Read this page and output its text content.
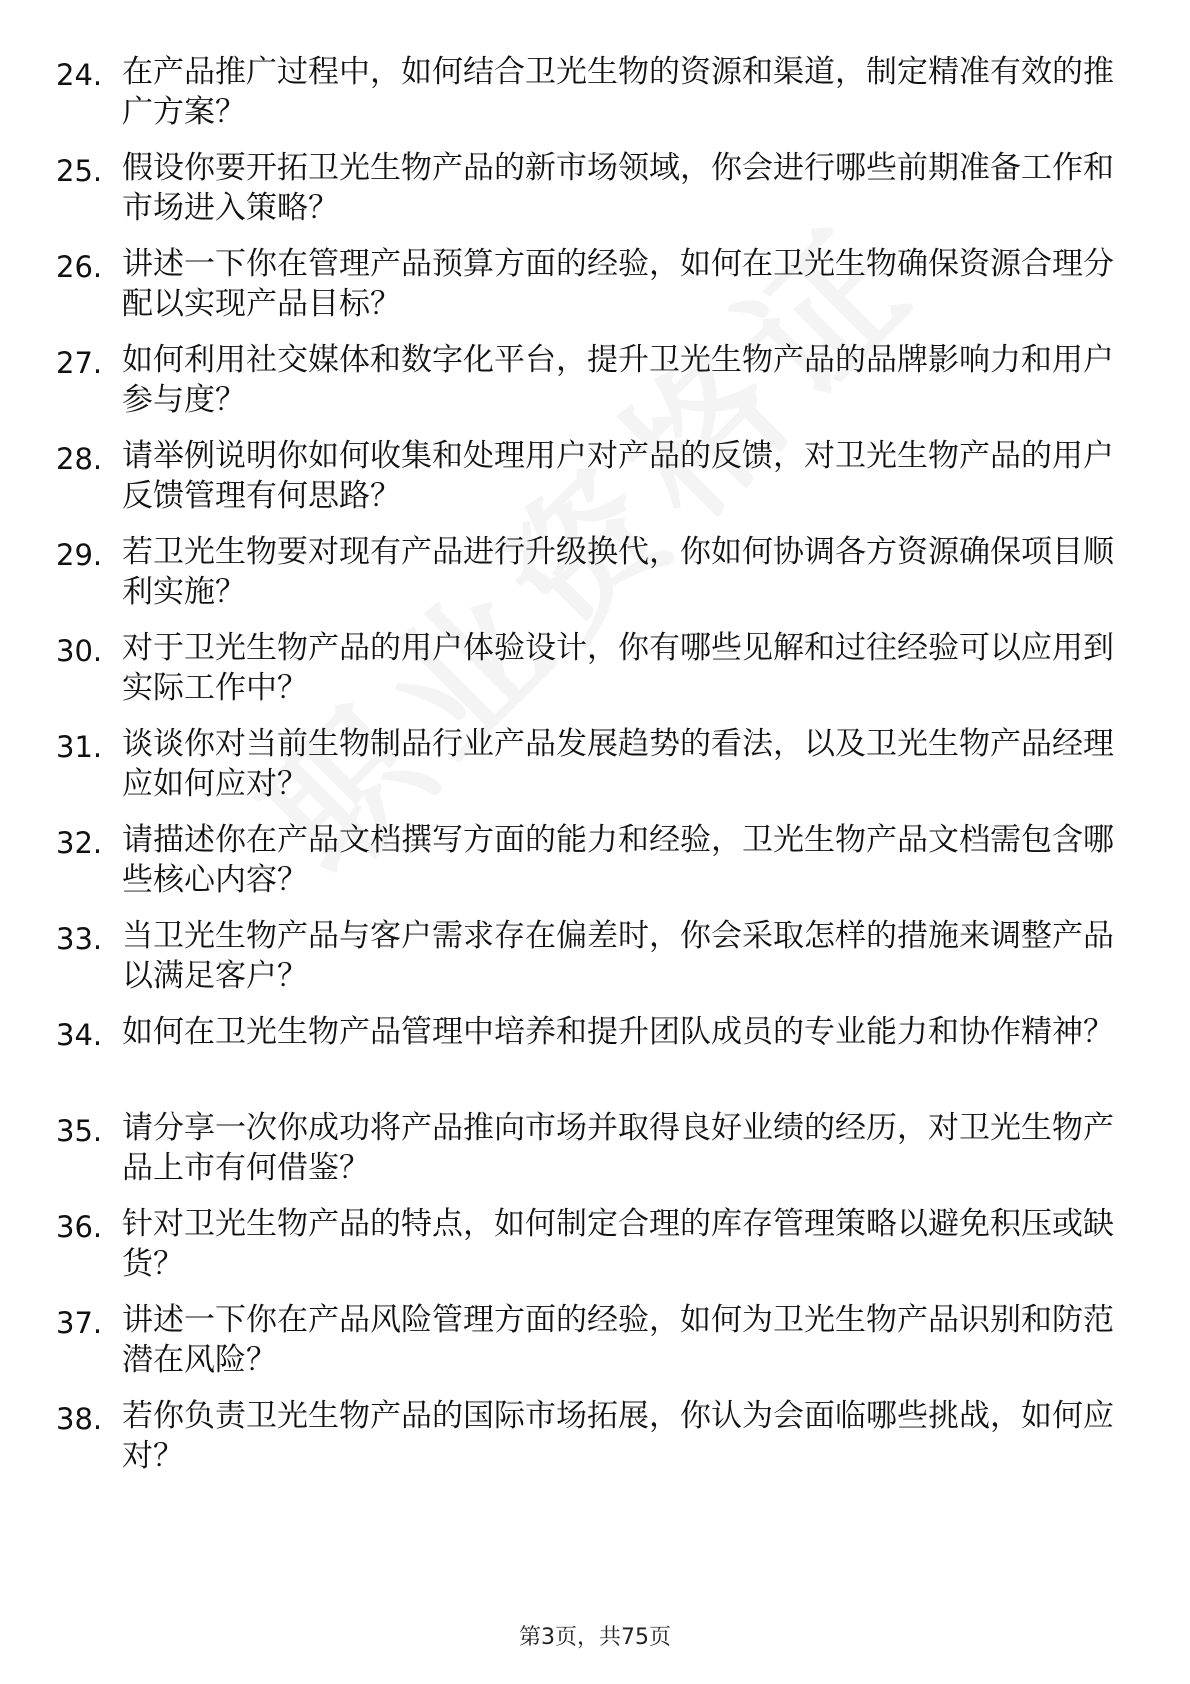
24. 在产品推广过程中，如何结合卫光生物的资源和渠道，制定精准有效的推广方案？
25. 假设你要开拓卫光生物产品的新市场领域，你会进行哪些前期准备工作和市场进入策略？
26. 讲述一下你在管理产品预算方面的经验，如何在卫光生物确保资源合理分配以实现产品目标？
27. 如何利用社交媒体和数字化平台，提升卫光生物产品的品牌影响力和用户参与度？
28. 请举例说明你如何收集和处理用户对产品的反馈，对卫光生物产品的用户反馈管理有何思路？
29. 若卫光生物要对现有产品进行升级换代，你如何协调各方资源确保项目顺利实施？
30. 对于卫光生物产品的用户体验设计，你有哪些见解和过往经验可以应用到实际工作中？
31. 谈谈你对当前生物制品行业产品发展趋势的看法，以及卫光生物产品经理应如何应对？
32. 请描述你在产品文档撰写方面的能力和经验，卫光生物产品文档需包含哪些核心内容？
33. 当卫光生物产品与客户需求存在偏差时，你会采取怎样的措施来调整产品以满足客户？
34. 如何在卫光生物产品管理中培养和提升团队成员的专业能力和协作精神？
35. 请分享一次你成功将产品推向市场并取得良好业绩的经历，对卫光生物产品上市有何借鉴？
36. 针对卫光生物产品的特点，如何制定合理的库存管理策略以避免积压或缺货？
37. 讲述一下你在产品风险管理方面的经验，如何为卫光生物产品识别和防范潜在风险？
38. 若你负责卫光生物产品的国际市场拓展，你认为会面临哪些挑战，如何应对？
第3页，共75页
